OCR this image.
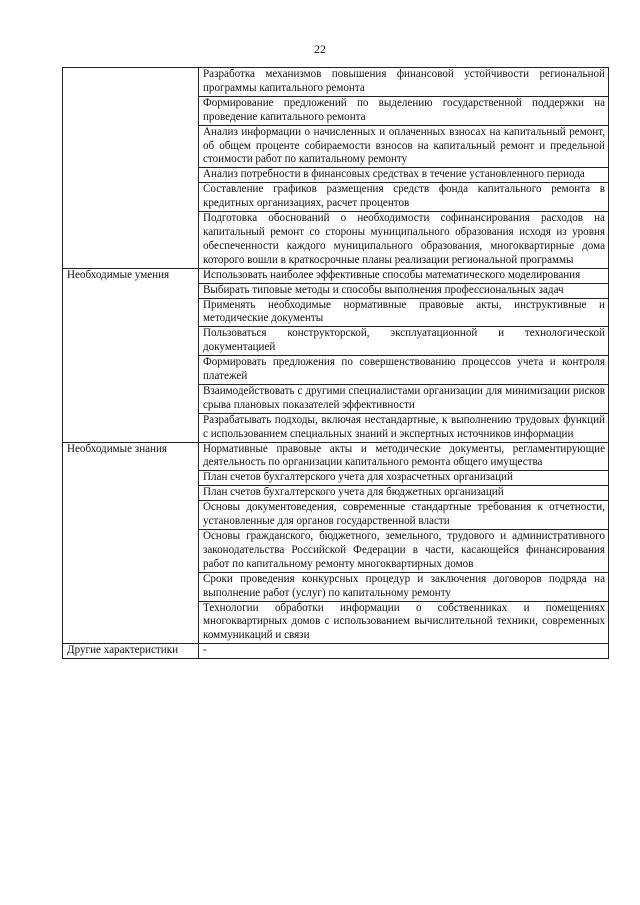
22
	Разработка механизмов повышения финансовой устойчивости региональной программы капитального ремонта
	Формирование предложений по выделению государственной поддержки на проведение капитального ремонта
	Анализ информации о начисленных и оплаченных взносах на капитальный ремонт, об общем проценте собираемости взносов на капитальный ремонт и предельной стоимости работ по капитальному ремонту
	Анализ потребности в финансовых средствах в течение установленного периода
	Составление графиков размещения средств фонда капитального ремонта в кредитных организациях, расчет процентов
	Подготовка обоснований о необходимости софинансирования расходов на капитальный ремонт со стороны муниципального образования исходя из уровня обеспеченности каждого муниципального образования, многоквартирные дома которого вошли в краткосрочные планы реализации региональной программы
Необходимые умения	Использовать наиболее эффективные способы математического моделирования
	Выбирать типовые методы и способы выполнения профессиональных задач
	Применять необходимые нормативные правовые акты, инструктивные и методические документы
	Пользоваться конструкторской, эксплуатационной и технологической документацией
	Формировать предложения по совершенствованию процессов учета и контроля платежей
	Взаимодействовать с другими специалистами организации для минимизации рисков срыва плановых показателей эффективности
	Разрабатывать подходы, включая нестандартные, к выполнению трудовых функций с использованием специальных знаний и экспертных источников информации
Необходимые знания	Нормативные правовые акты и методические документы, регламентирующие деятельность по организации капитального ремонта общего имущества
	План счетов бухгалтерского учета для хозрасчетных организаций
	План счетов бухгалтерского учета для бюджетных организаций
	Основы документоведения, современные стандартные требования к отчетности, установленные для органов государственной власти
	Основы гражданского, бюджетного, земельного, трудового и административного законодательства Российской Федерации в части, касающейся финансирования работ по капитальному ремонту многоквартирных домов
	Сроки проведения конкурсных процедур и заключения договоров подряда на выполнение работ (услуг) по капитальному ремонту
	Технологии обработки информации о собственниках и помещениях многоквартирных домов с использованием вычислительной техники, современных коммуникаций и связи
Другие характеристики	-
